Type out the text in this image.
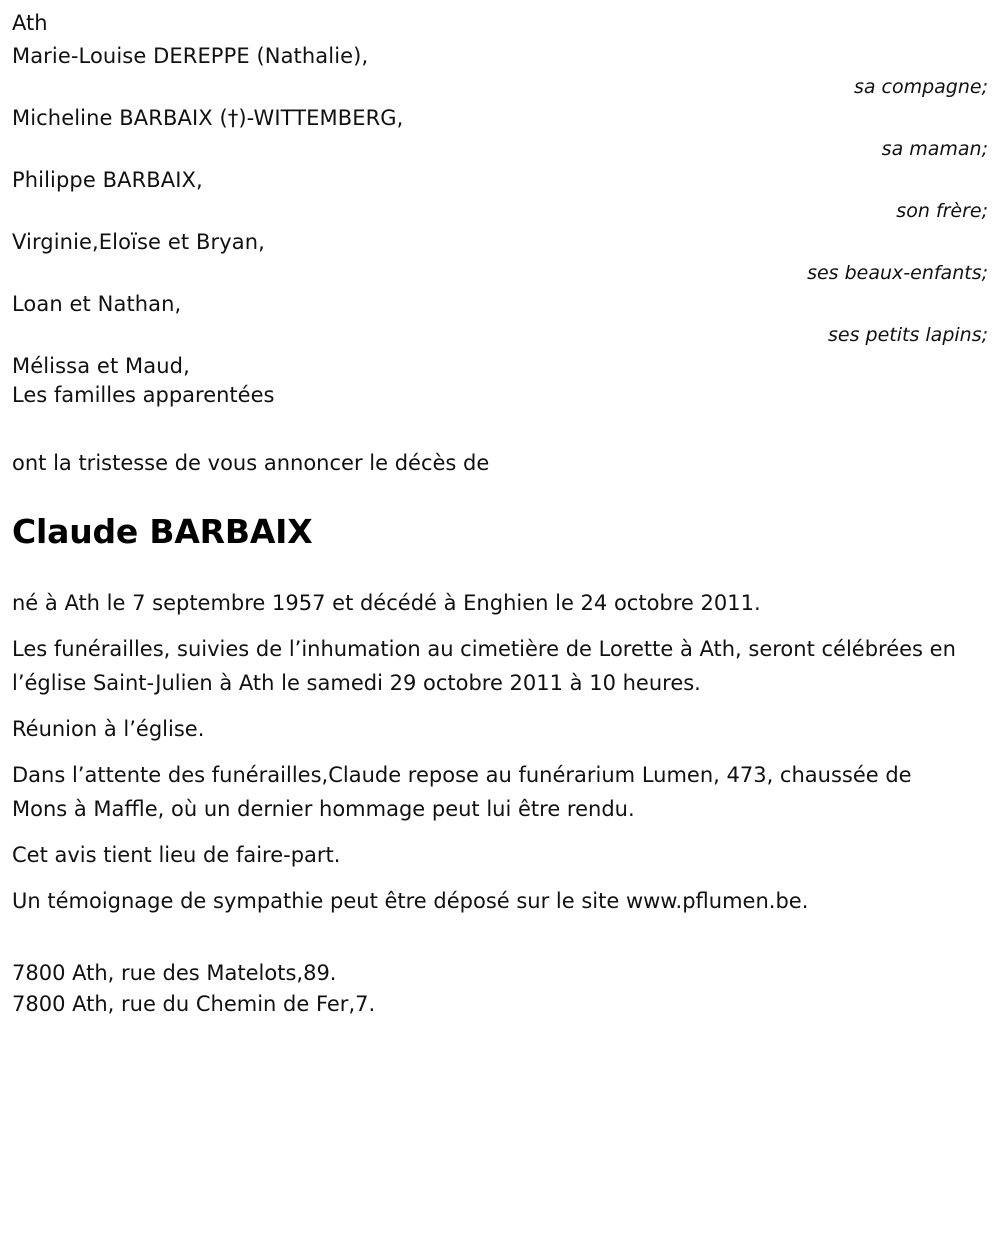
Ath
Marie-Louise DEREPPE (Nathalie),
sa compagne;
Micheline BARBAIX (†)-WITTEMBERG,
sa maman;
Philippe BARBAIX,
son frère;
Virginie,Eloïse et Bryan,
ses beaux-enfants;
Loan et Nathan,
ses petits lapins;
Mélissa et Maud,
Les familles apparentées
ont la tristesse de vous annoncer le décès de
Claude BARBAIX

né à Ath le 7 septembre 1957 et décédé à Enghien le 24 octobre 2011.

Les funérailles, suivies de l’inhumation au cimetière de Lorette à Ath, seront célébrées en l’église Saint-Julien à Ath le samedi 29 octobre 2011 à 10 heures.

Réunion à l’église.

Dans l’attente des funérailles,Claude repose au funérarium Lumen, 473, chaussée de Mons à Maffle, où un dernier hommage peut lui être rendu.

Cet avis tient lieu de faire-part.

Un témoignage de sympathie peut être déposé sur le site www.pflumen.be.

7800 Ath, rue des Matelots,89.
7800 Ath, rue du Chemin de Fer,7.
